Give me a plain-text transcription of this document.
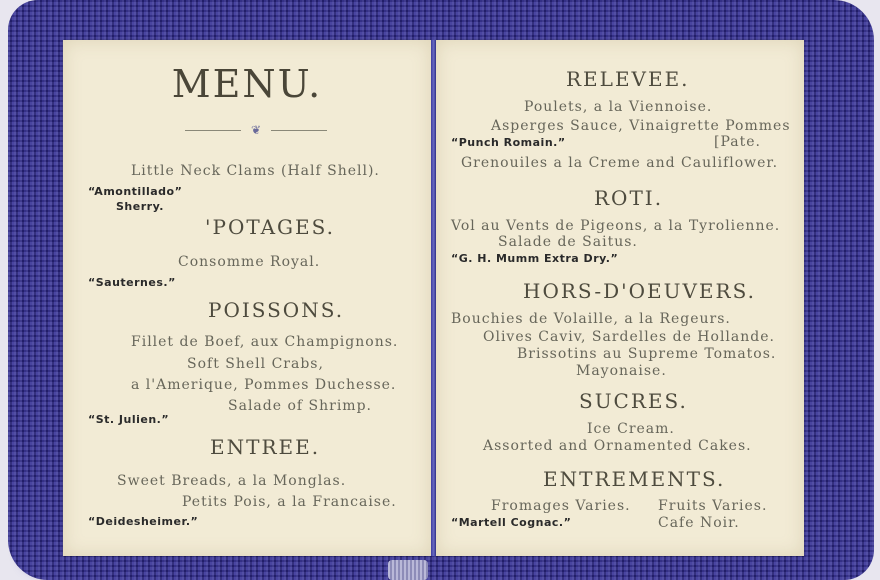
MENU.
❦
Little Neck Clams (Half Shell).
“Amontillado”
Sherry.
'POTAGES.
Consomme Royal.
“Sauternes.”
POISSONS.
Fillet de Boef, aux Champignons.
Soft Shell Crabs,
a l'Amerique, Pommes Duchesse.
Salade of Shrimp.
“St. Julien.”
ENTREE.
Sweet Breads, a la Monglas.
Petits Pois, a la Francaise.
“Deidesheimer.”
RELEVEE.
Poulets, a la Viennoise.
Asperges Sauce, Vinaigrette Pommes
“Punch Romain.”	[Pate.
Grenouiles a la Creme and Cauliflower.
ROTI.
Vol au Vents de Pigeons, a la Tyrolienne.
Salade de Saitus.
“G. H. Mumm Extra Dry.”
HORS-D'OEUVERS.
Bouchies de Volaille, a la Regeurs.
Olives Caviv, Sardelles de Hollande.
Brissotins au Supreme Tomatos.
Mayonaise.
SUCRES.
Ice Cream.
Assorted and Ornamented Cakes.
ENTREMENTS.
Fromages Varies. Fruits Varies.
“Martell Cognac.”	Cafe Noir.
